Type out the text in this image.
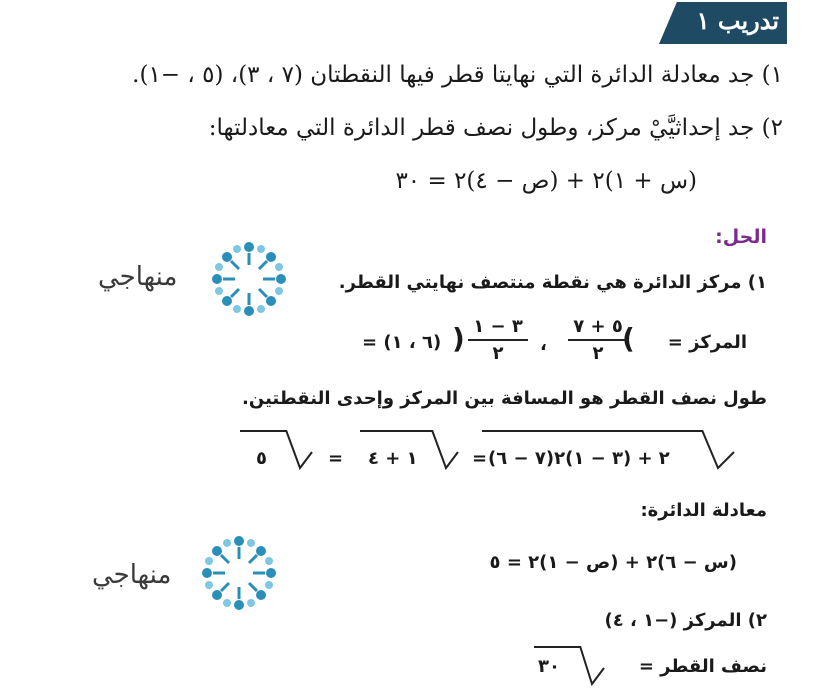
تدريب ١
١) جد معادلة الدائرة التي نهايتا قطر فيها النقطتان (٧ ، ٣)، (٥ ، −١).
٢) جد إحداثيَّيْ مركز، وطول نصف قطر الدائرة التي معادلتها:
(س + ١)٢ + (ص − ٤)٢ = ٣٠
الحل:
١) مركز الدائرة هي نقطة منتصف نهايتي القطر.
المركز =
(
٥ + ٧
٢
،
٣ − ١
٢
)
= (٦ ، ١)
طول نصف القطر هو المسافة بين المركز وإحدى النقطتين.
(٧ − ٦)٢ + (٣ − ١)٢
=
١ + ٤
=
٥
معادلة الدائرة:
(س − ٦)٢ + (ص − ١)٢ = ٥
٢) المركز (−١ ، ٤)
نصف القطر =
٣٠
منهاجي
منهاجي
